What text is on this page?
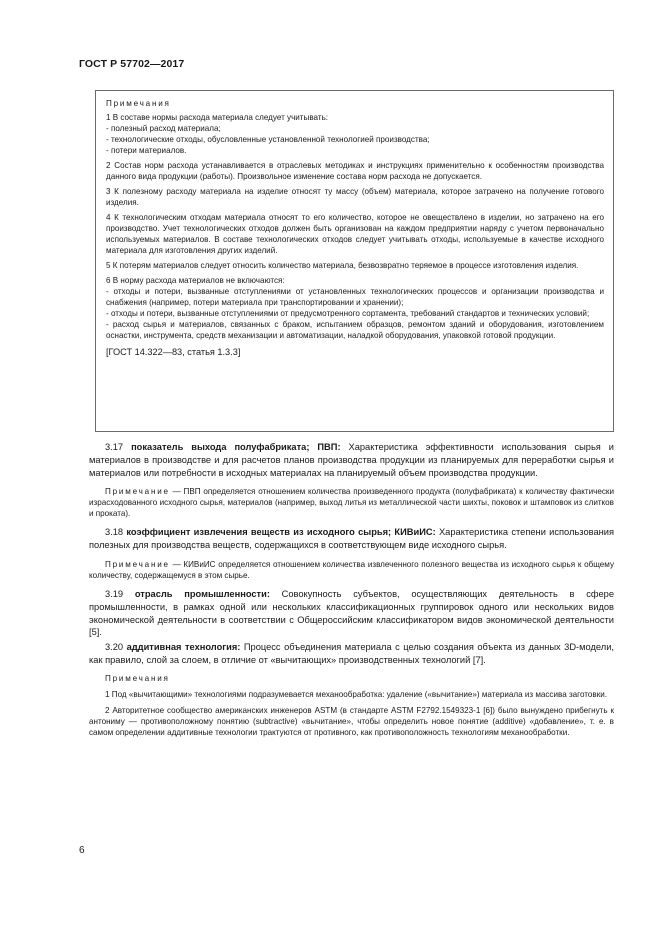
ГОСТ Р 57702—2017

Примечания

1 В составе нормы расхода материала следует учитывать:

- полезный расход материала;

- технологические отходы, обусловленные установленной технологией производства;

- потери материалов.

2 Состав норм расхода устанавливается в отраслевых методиках и инструкциях применительно к особенностям производства данного вида продукции (работы). Произвольное изменение состава норм расхода не допускается.

3 К полезному расходу материала на изделие относят ту массу (объем) материала, которое затрачено на получение готового изделия.

4 К технологическим отходам материала относят то его количество, которое не овеществлено в изделии, но затрачено на его производство. Учет технологических отходов должен быть организован на каждом предприятии наряду с учетом первоначально используемых материалов. В составе технологических отходов следует учитывать отходы, используемые в качестве исходного материала для изготовления других изделий.

5 К потерям материалов следует относить количество материала, безвозвратно теряемое в процессе изготовления изделия.

6 В норму расхода материалов не включаются:

- отходы и потери, вызванные отступлениями от установленных технологических процессов и организации производства и снабжения (например, потери материала при транспортировании и хранении);

- отходы и потери, вызванные отступлениями от предусмотренного сортамента, требований стандартов и технических условий;

- расход сырья и материалов, связанных с браком, испытанием образцов, ремонтом зданий и оборудования, изготовлением оснастки, инструмента, средств механизации и автоматизации, наладкой оборудования, упаковкой готовой продукции.

[ГОСТ 14.322—83, статья 1.3.3]

3.17 показатель выхода полуфабриката; ПВП: Характеристика эффективности использования сырья и материалов в производстве и для расчетов планов производства продукции из планируемых для переработки сырья и материалов или потребности в исходных материалах на планируемый объем производства продукции.

Примечание — ПВП определяется отношением количества произведенного продукта (полуфабриката) к количеству фактически израсходованного исходного сырья, материалов (например, выход литья из металлической части шихты, поковок и штамповок из слитков и проката).

3.18 коэффициент извлечения веществ из исходного сырья; КИВиИС: Характеристика степени использования полезных для производства веществ, содержащихся в соответствующем виде исходного сырья.

Примечание — КИВиИС определяется отношением количества извлеченного полезного вещества из исходного сырья к общему количеству, содержащемуся в этом сырье.

3.19 отрасль промышленности: Совокупность субъектов, осуществляющих деятельность в сфере промышленности, в рамках одной или нескольких классификационных группировок одного или нескольких видов экономической деятельности в соответствии с Общероссийским классификатором видов экономической деятельности [5].

3.20 аддитивная технология: Процесс объединения материала с целью создания объекта из данных 3D-модели, как правило, слой за слоем, в отличие от «вычитающих» производственных технологий [7].

Примечания

1 Под «вычитающими» технологиями подразумевается механообработка: удаление («вычитание») материала из массива заготовки.

2 Авторитетное сообщество американских инженеров ASTM (в стандарте ASTM F2792.1549323-1 [6]) было вынуждено прибегнуть к антониму — противоположному понятию (subtractive) «вычитание», чтобы определить новое понятие (additive) «добавление», т. е. в самом определении аддитивные технологии трактуются от противного, как противоположность технологиям механообработки.

6
